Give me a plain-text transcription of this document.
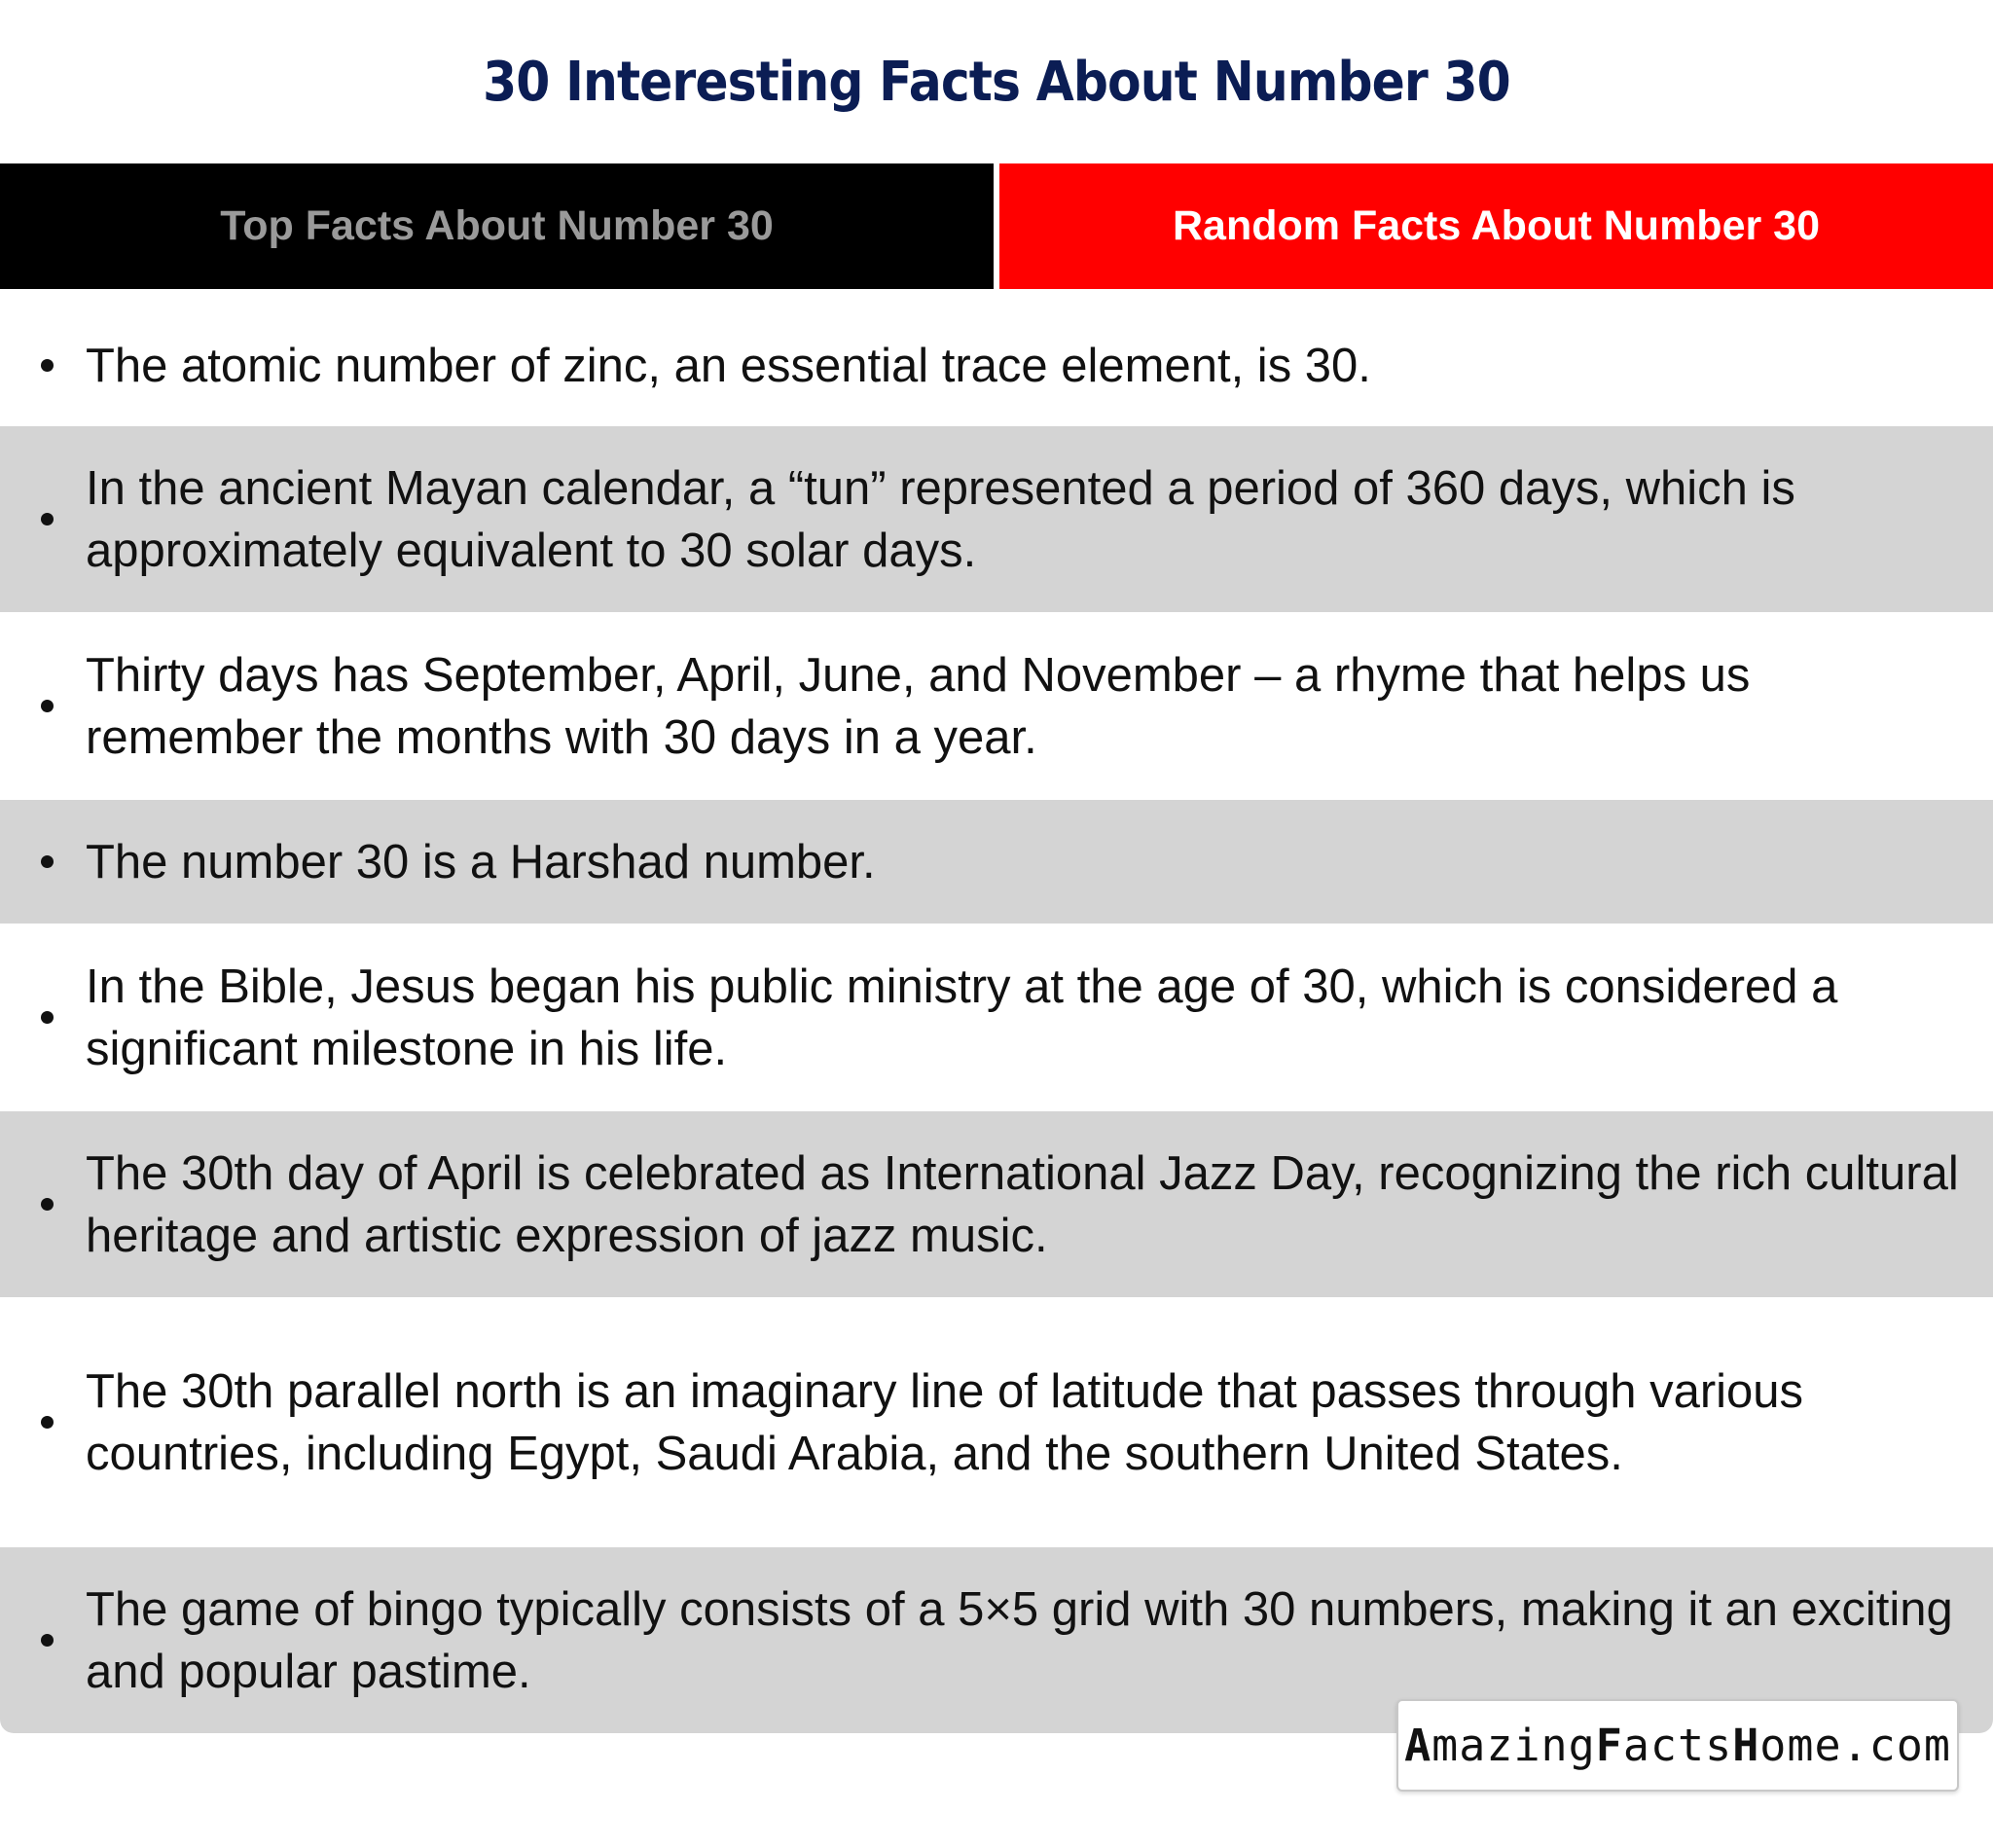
30 Interesting Facts About Number 30
Top Facts About Number 30	Random Facts About Number 30
The atomic number of zinc, an essential trace element, is 30.
In the ancient Mayan calendar, a “tun” represented a period of 360 days, which is approximately equivalent to 30 solar days.
Thirty days has September, April, June, and November – a rhyme that helps us remember the months with 30 days in a year.
The number 30 is a Harshad number.
In the Bible, Jesus began his public ministry at the age of 30, which is considered a significant milestone in his life.
The 30th day of April is celebrated as International Jazz Day, recognizing the rich cultural heritage and artistic expression of jazz music.
The 30th parallel north is an imaginary line of latitude that passes through various countries, including Egypt, Saudi Arabia, and the southern United States.
The game of bingo typically consists of a 5×5 grid with 30 numbers, making it an exciting and popular pastime.
AmazingFactsHome.com
